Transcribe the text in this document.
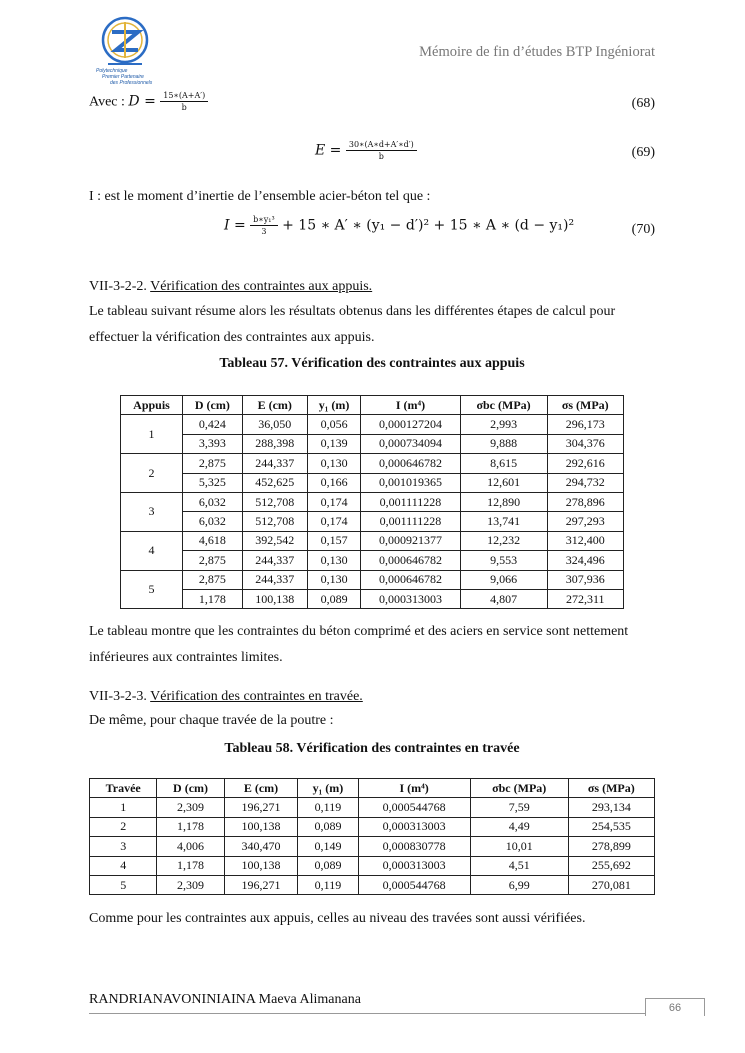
Polytechnique
Premier Partenaire
des Professionnels
Mémoire de fin d’études BTP Ingéniorat
Avec : $D = \frac{15∗(A+A')}{b}$	(68)
$E = \frac{30∗(A∗d+A'∗d')}{b}$	(69)
I : est le moment d’inertie de l’ensemble acier-béton tel que :
$I = \frac{\text{b∗y₁³}}{3} + 15$ ∗ A′ ∗ (y₁ − d′)² + 15 ∗ A ∗ (d − y₁)²	(70)
VII-3-2-2. Vérification des contraintes aux appuis.
Le tableau suivant résume alors les résultats obtenus dans les différentes étapes de calcul pour effectuer la vérification des contraintes aux appuis.
Tableau 57. Vérification des contraintes aux appuis
Appuis	D (cm)	E (cm)	y₁ (m)	I (m⁴)	σbc (MPa)	σs (MPa)
1	0,424	36,050	0,056	0,000127204	2,993	296,173
	3,393	288,398	0,139	0,000734094	9,888	304,376
2	2,875	244,337	0,130	0,000646782	8,615	292,616
	5,325	452,625	0,166	0,001019365	12,601	294,732
3	6,032	512,708	0,174	0,001111228	12,890	278,896
	6,032	512,708	0,174	0,001111228	13,741	297,293
4	4,618	392,542	0,157	0,000921377	12,232	312,400
	2,875	244,337	0,130	0,000646782	9,553	324,496
5	2,875	244,337	0,130	0,000646782	9,066	307,936
	1,178	100,138	0,089	0,000313003	4,807	272,311
Le tableau montre que les contraintes du béton comprimé et des aciers en service sont nettement inférieures aux contraintes limites.
VII-3-2-3. Vérification des contraintes en travée.
De même, pour chaque travée de la poutre :
Tableau 58. Vérification des contraintes en travée
Travée	D (cm)	E (cm)	y₁ (m)	I (m⁴)	σbc (MPa)	σs (MPa)
1	2,309	196,271	0,119	0,000544768	7,59	293,134
2	1,178	100,138	0,089	0,000313003	4,49	254,535
3	4,006	340,470	0,149	0,000830778	10,01	278,899
4	1,178	100,138	0,089	0,000313003	4,51	255,692
5	2,309	196,271	0,119	0,000544768	6,99	270,081
Comme pour les contraintes aux appuis, celles au niveau des travées sont aussi vérifiées.
RANDRIANAVONINIAINA Maeva Alimanana
66
